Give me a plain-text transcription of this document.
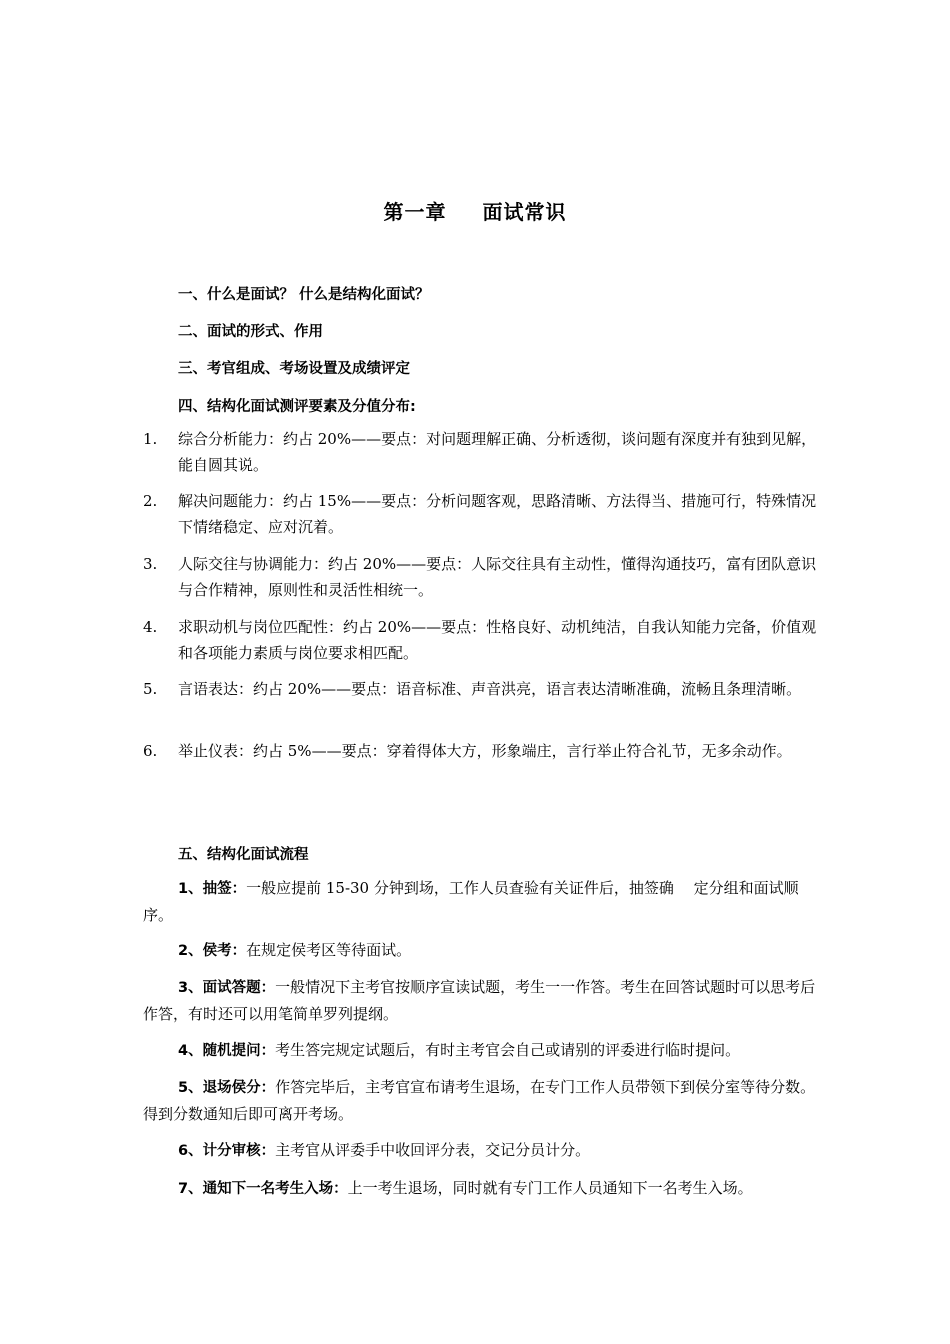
第一章 面试常识
一、什么是面试？ 什么是结构化面试？
二、面试的形式、作用
三、考官组成、考场设置及成绩评定
四、结构化面试测评要素及分值分布:
1. 综合分析能力：约占 20%——要点：对问题理解正确、分析透彻，谈问题有深度并有独到见解，能自圆其说。
2. 解决问题能力：约占 15%——要点：分析问题客观，思路清晰、方法得当、措施可行，特殊情况下情绪稳定、应对沉着。
3. 人际交往与协调能力：约占 20%——要点：人际交往具有主动性，懂得沟通技巧，富有团队意识与合作精神，原则性和灵活性相统一。
4. 求职动机与岗位匹配性：约占 20%——要点：性格良好、动机纯洁，自我认知能力完备，价值观和各项能力素质与岗位要求相匹配。
5. 言语表达：约占 20%——要点：语音标准、声音洪亮，语言表达清晰准确，流畅且条理清晰。
6. 举止仪表：约占 5%——要点：穿着得体大方，形象端庄，言行举止符合礼节，无多余动作。
五、结构化面试流程
1、抽签：一般应提前 15-30 分钟到场，工作人员查验有关证件后，抽签确　 定分组和面试顺序。
2、侯考：在规定侯考区等待面试。
3、面试答题：一般情况下主考官按顺序宣读试题，考生一一作答。考生在回答试题时可以思考后作答，有时还可以用笔简单罗列提纲。
4、随机提问：考生答完规定试题后，有时主考官会自己或请别的评委进行临时提问。
5、退场侯分：作答完毕后，主考官宣布请考生退场，在专门工作人员带领下到侯分室等待分数。得到分数通知后即可离开考场。
6、计分审核：主考官从评委手中收回评分表，交记分员计分。
7、通知下一名考生入场：上一考生退场，同时就有专门工作人员通知下一名考生入场。
